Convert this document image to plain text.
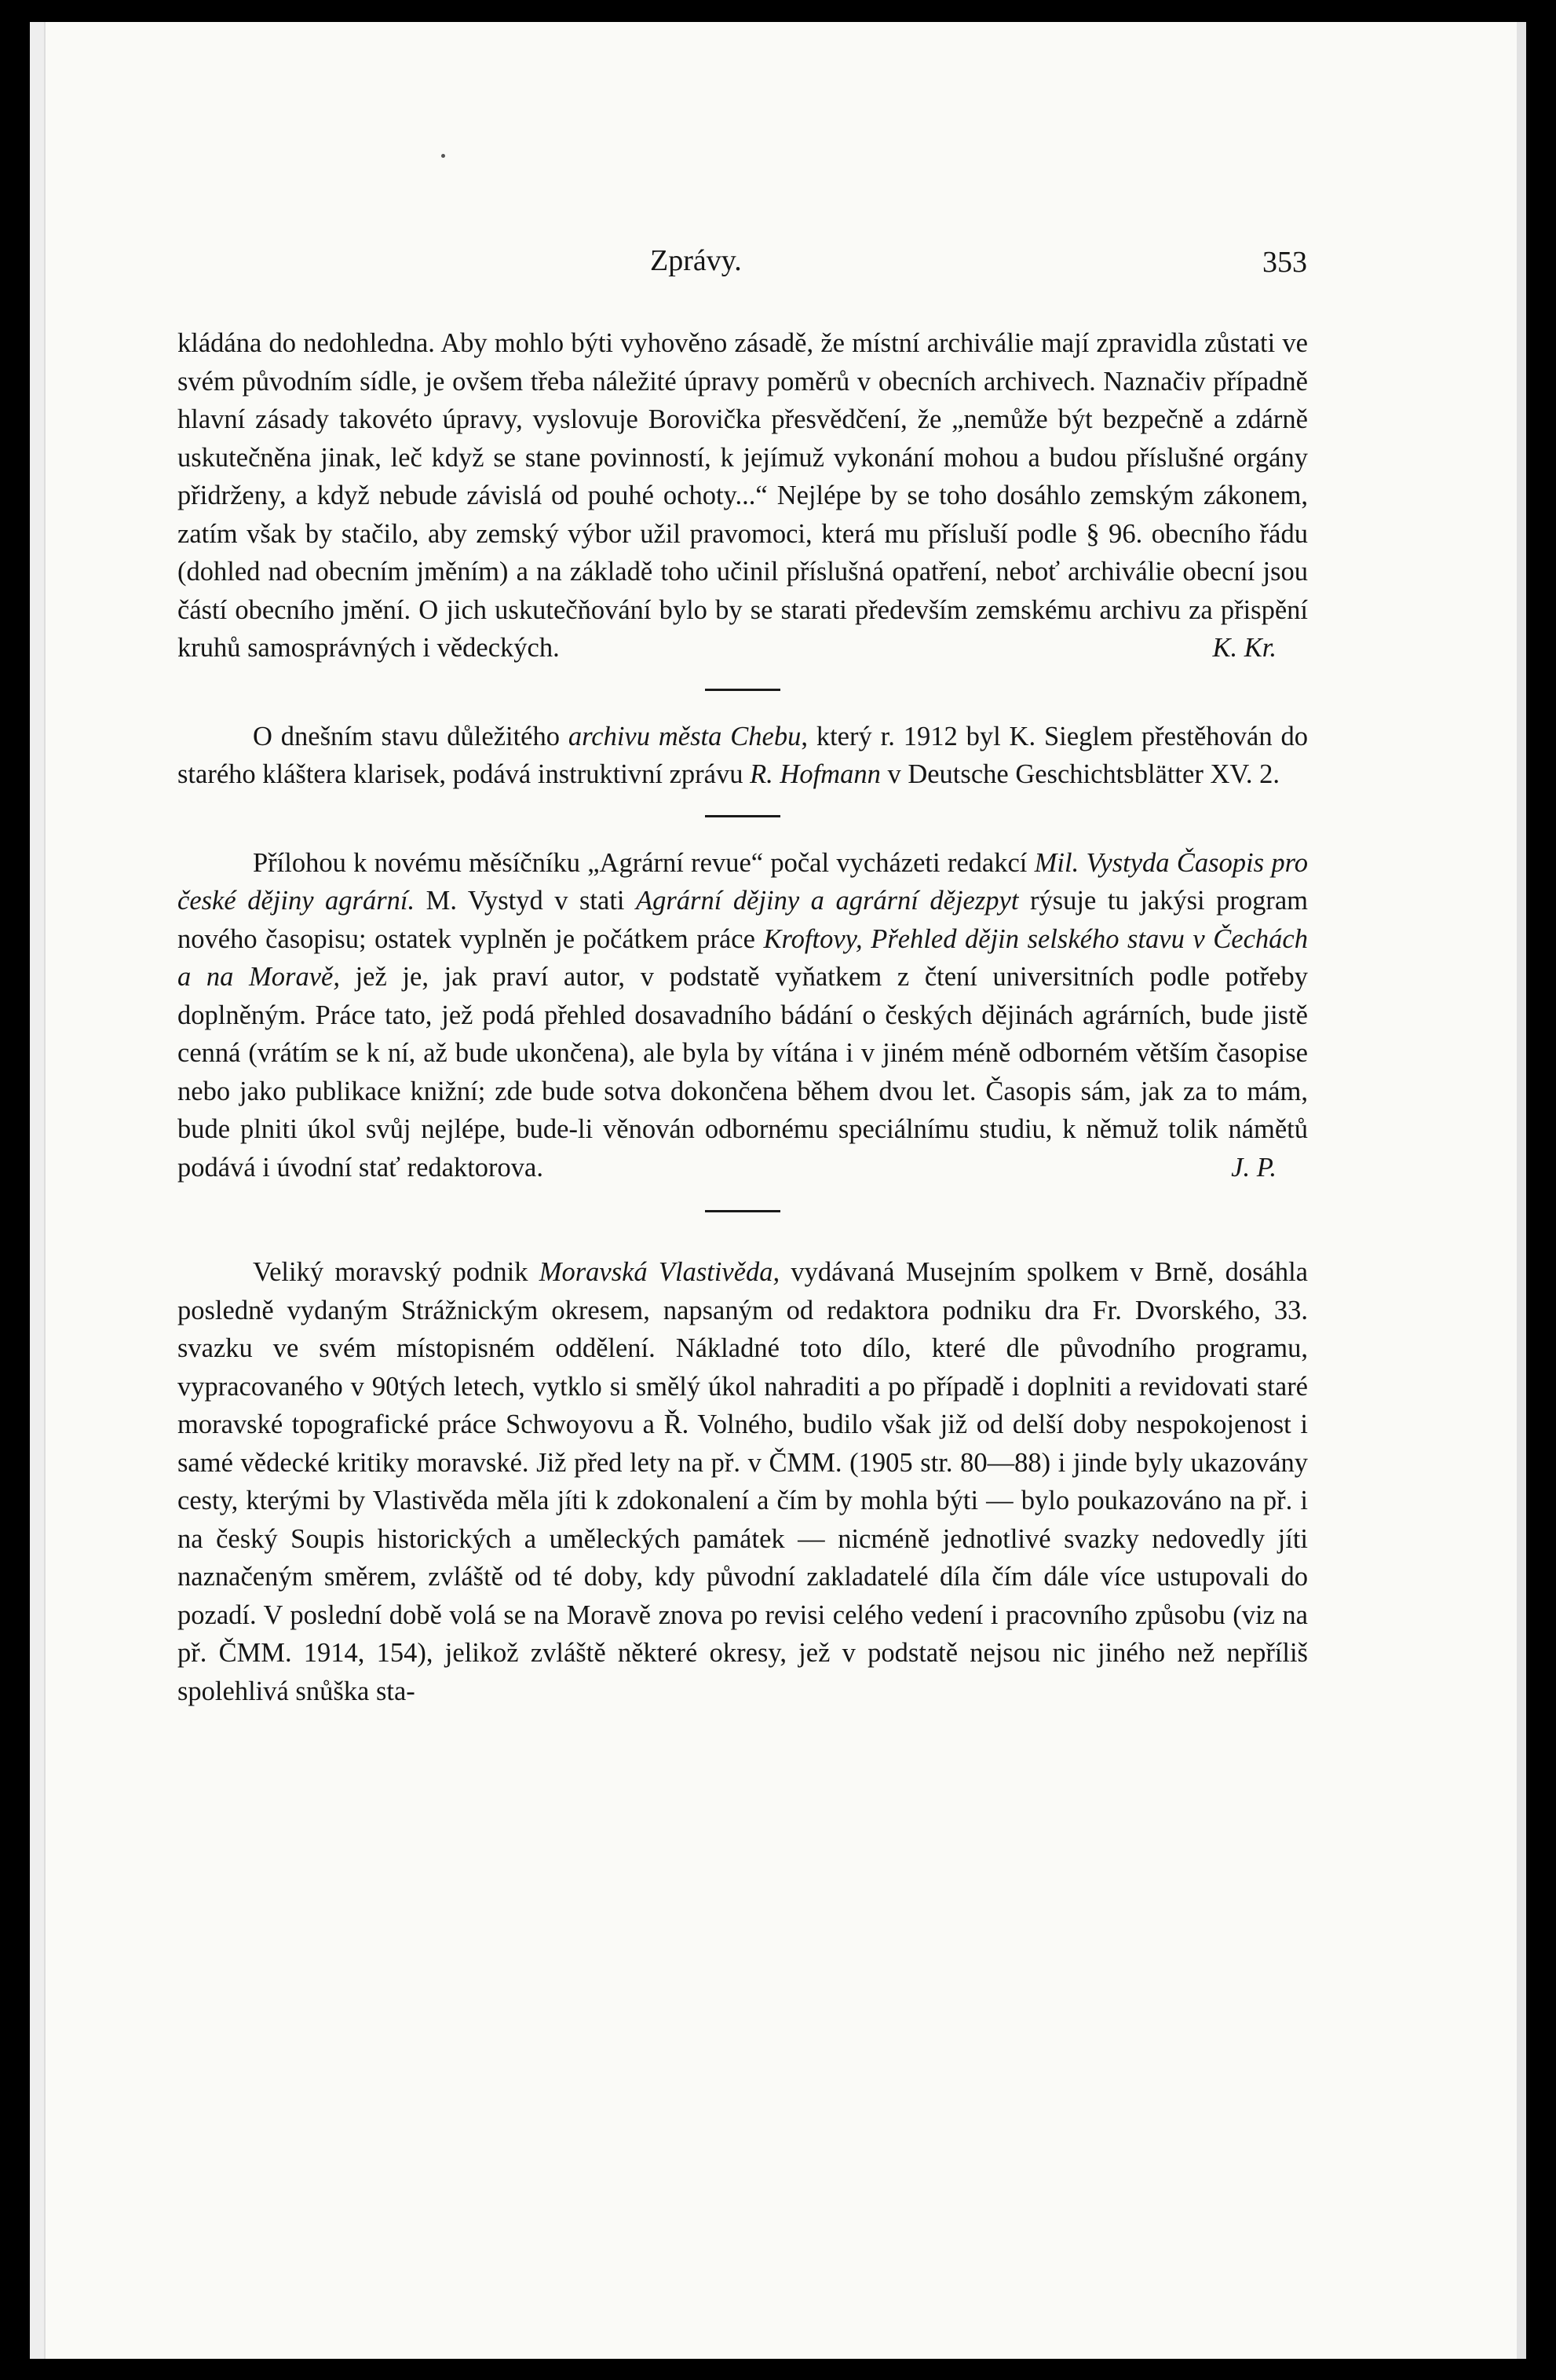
Zprávy.	353

kládána do nedohledna. Aby mohlo býti vyhověno zásadě, že místní archiválie mají zpravidla zůstati ve svém původním sídle, je ovšem třeba náležité úpravy poměrů v obecních archivech. Naznačiv případně hlavní zásady takovéto úpravy, vyslovuje Borovička přesvědčení, že „nemůže být bezpečně a zdárně uskutečněna jinak, leč když se stane povinností, k jejímuž vykonání mohou a budou příslušné orgány přidrženy, a když nebude závislá od pouhé ochoty...“ Nejlépe by se toho dosáhlo zemským zákonem, zatím však by stačilo, aby zemský výbor užil pravomoci, která mu přísluší podle § 96. obecního řádu (dohled nad obecním jměním) a na základě toho učinil příslušná opatření, neboť archiválie obecní jsou částí obecního jmění. O jich uskutečňování bylo by se starati především zemskému archivu za přispění kruhů samosprávných i vědeckých.	K. Kr.

O dnešním stavu důležitého archivu města Chebu, který r. 1912 byl K. Sieglem přestěhován do starého kláštera klarisek, podává instruktivní zprávu R. Hofmann v Deutsche Geschichtsblätter XV. 2.

Přílohou k novému měsíčníku „Agrární revue“ počal vycházeti redakcí Mil. Vystyda Časopis pro české dějiny agrární. M. Vystyd v stati Agrární dějiny a agrární dějezpyt rýsuje tu jakýsi program nového časopisu; ostatek vyplněn je počátkem práce Kroftovy, Přehled dějin selského stavu v Čechách a na Moravě, jež je, jak praví autor, v podstatě vyňatkem z čtení universitních podle potřeby doplněným. Práce tato, jež podá přehled dosavadního bádání o českých dějinách agrárních, bude jistě cenná (vrátím se k ní, až bude ukončena), ale byla by vítána i v jiném méně odborném větším časopise nebo jako publikace knižní; zde bude sotva dokončena během dvou let. Časopis sám, jak za to mám, bude plniti úkol svůj nejlépe, bude-li věnován odbornému speciálnímu studiu, k němuž tolik námětů podává i úvodní stať redaktorova.	J. P.

Veliký moravský podnik Moravská Vlastivěda, vydávaná Musejním spolkem v Brně, dosáhla posledně vydaným Strážnickým okresem, napsaným od redaktora podniku dra Fr. Dvorského, 33. svazku ve svém místopisném oddělení. Nákladné toto dílo, které dle původního programu, vypracovaného v 90tých letech, vytklo si smělý úkol nahraditi a po případě i doplniti a revidovati staré moravské topografické práce Schwoyovu a Ř. Volného, budilo však již od delší doby nespokojenost i samé vědecké kritiky moravské. Již před lety na př. v ČMM. (1905 str. 80—88) i jinde byly ukazovány cesty, kterými by Vlastivěda měla jíti k zdokonalení a čím by mohla býti — bylo poukazováno na př. i na český Soupis historických a uměleckých památek — nicméně jednotlivé svazky nedovedly jíti naznačeným směrem, zvláště od té doby, kdy původní zakladatelé díla čím dále více ustupovali do pozadí. V poslední době volá se na Moravě znova po revisi celého vedení i pracovního způsobu (viz na př. ČMM. 1914, 154), jelikož zvláště některé okresy, jež v podstatě nejsou nic jiného než nepříliš spolehlivá snůška sta-
